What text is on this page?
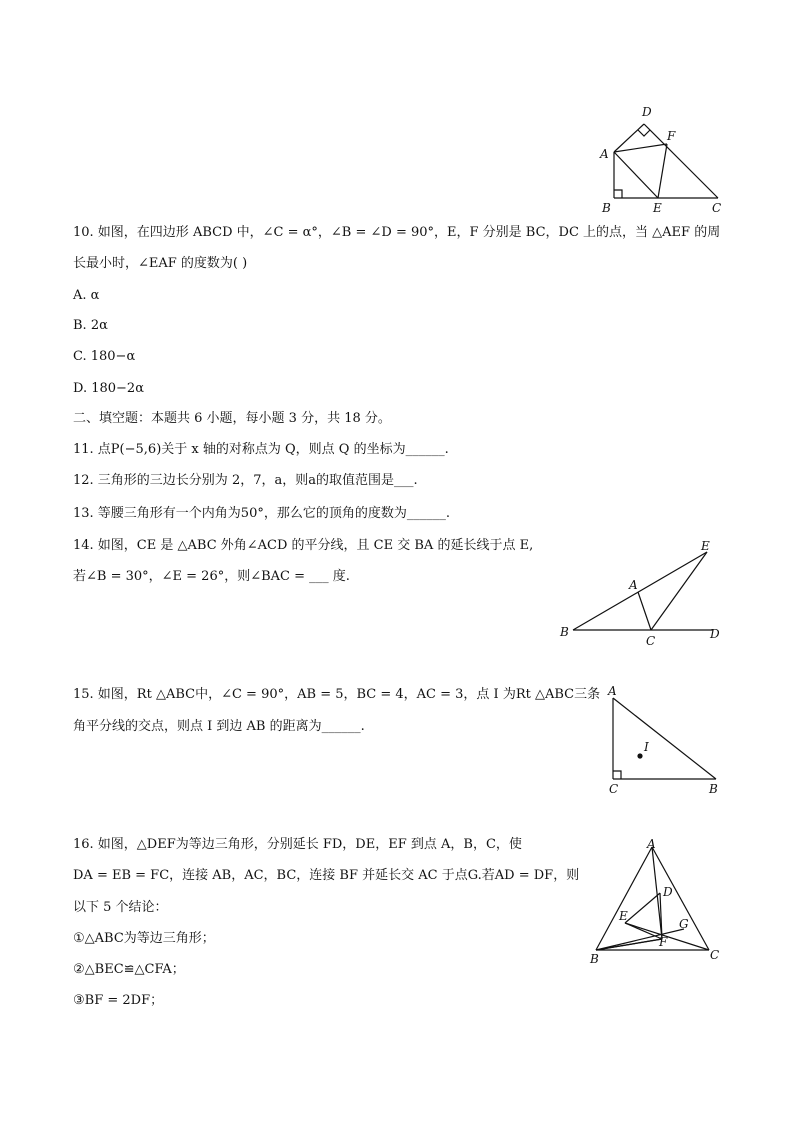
A
B	C
D
E
F
10. 如图，在四边形 ABCD 中，∠C = α°，∠B = ∠D = 90°，E，F 分别是 BC，DC 上的点，当 △AEF 的周
长最小时，∠EAF 的度数为( )
A. α
B. 2α
C. 180−α
D. 180−2α
二、填空题：本题共 6 小题，每小题 3 分，共 18 分。
11. 点P(−5,6)关于 x 轴的对称点为 Q，则点 Q 的坐标为______.
12. 三角形的三边长分别为 2，7，a，则a的取值范围是___.
13. 等腰三角形有一个内角为50°，那么它的顶角的度数为______.
14. 如图，CE 是 △ABC 外角∠ACD 的平分线，且 CE 交 BA 的延长线于点 E,
若∠B = 30°，∠E = 26°，则∠BAC = ___ 度.
A
B
C	D
E
15. 如图，Rt △ABC中，∠C = 90°，AB = 5，BC = 4，AC = 3，点 I 为Rt △ABC三条
角平分线的交点，则点 I 到边 AB 的距离为______.
A
C	B
I
16. 如图，△DEF为等边三角形，分别延长 FD，DE，EF 到点 A，B，C，使
DA = EB = FC，连接 AB，AC，BC，连接 BF 并延长交 AC 于点G.若AD = DF，则
以下 5 个结论：
①△ABC为等边三角形；
②△BEC≌△CFA；
③BF = 2DF；
A
B	C
D
E
F
G
